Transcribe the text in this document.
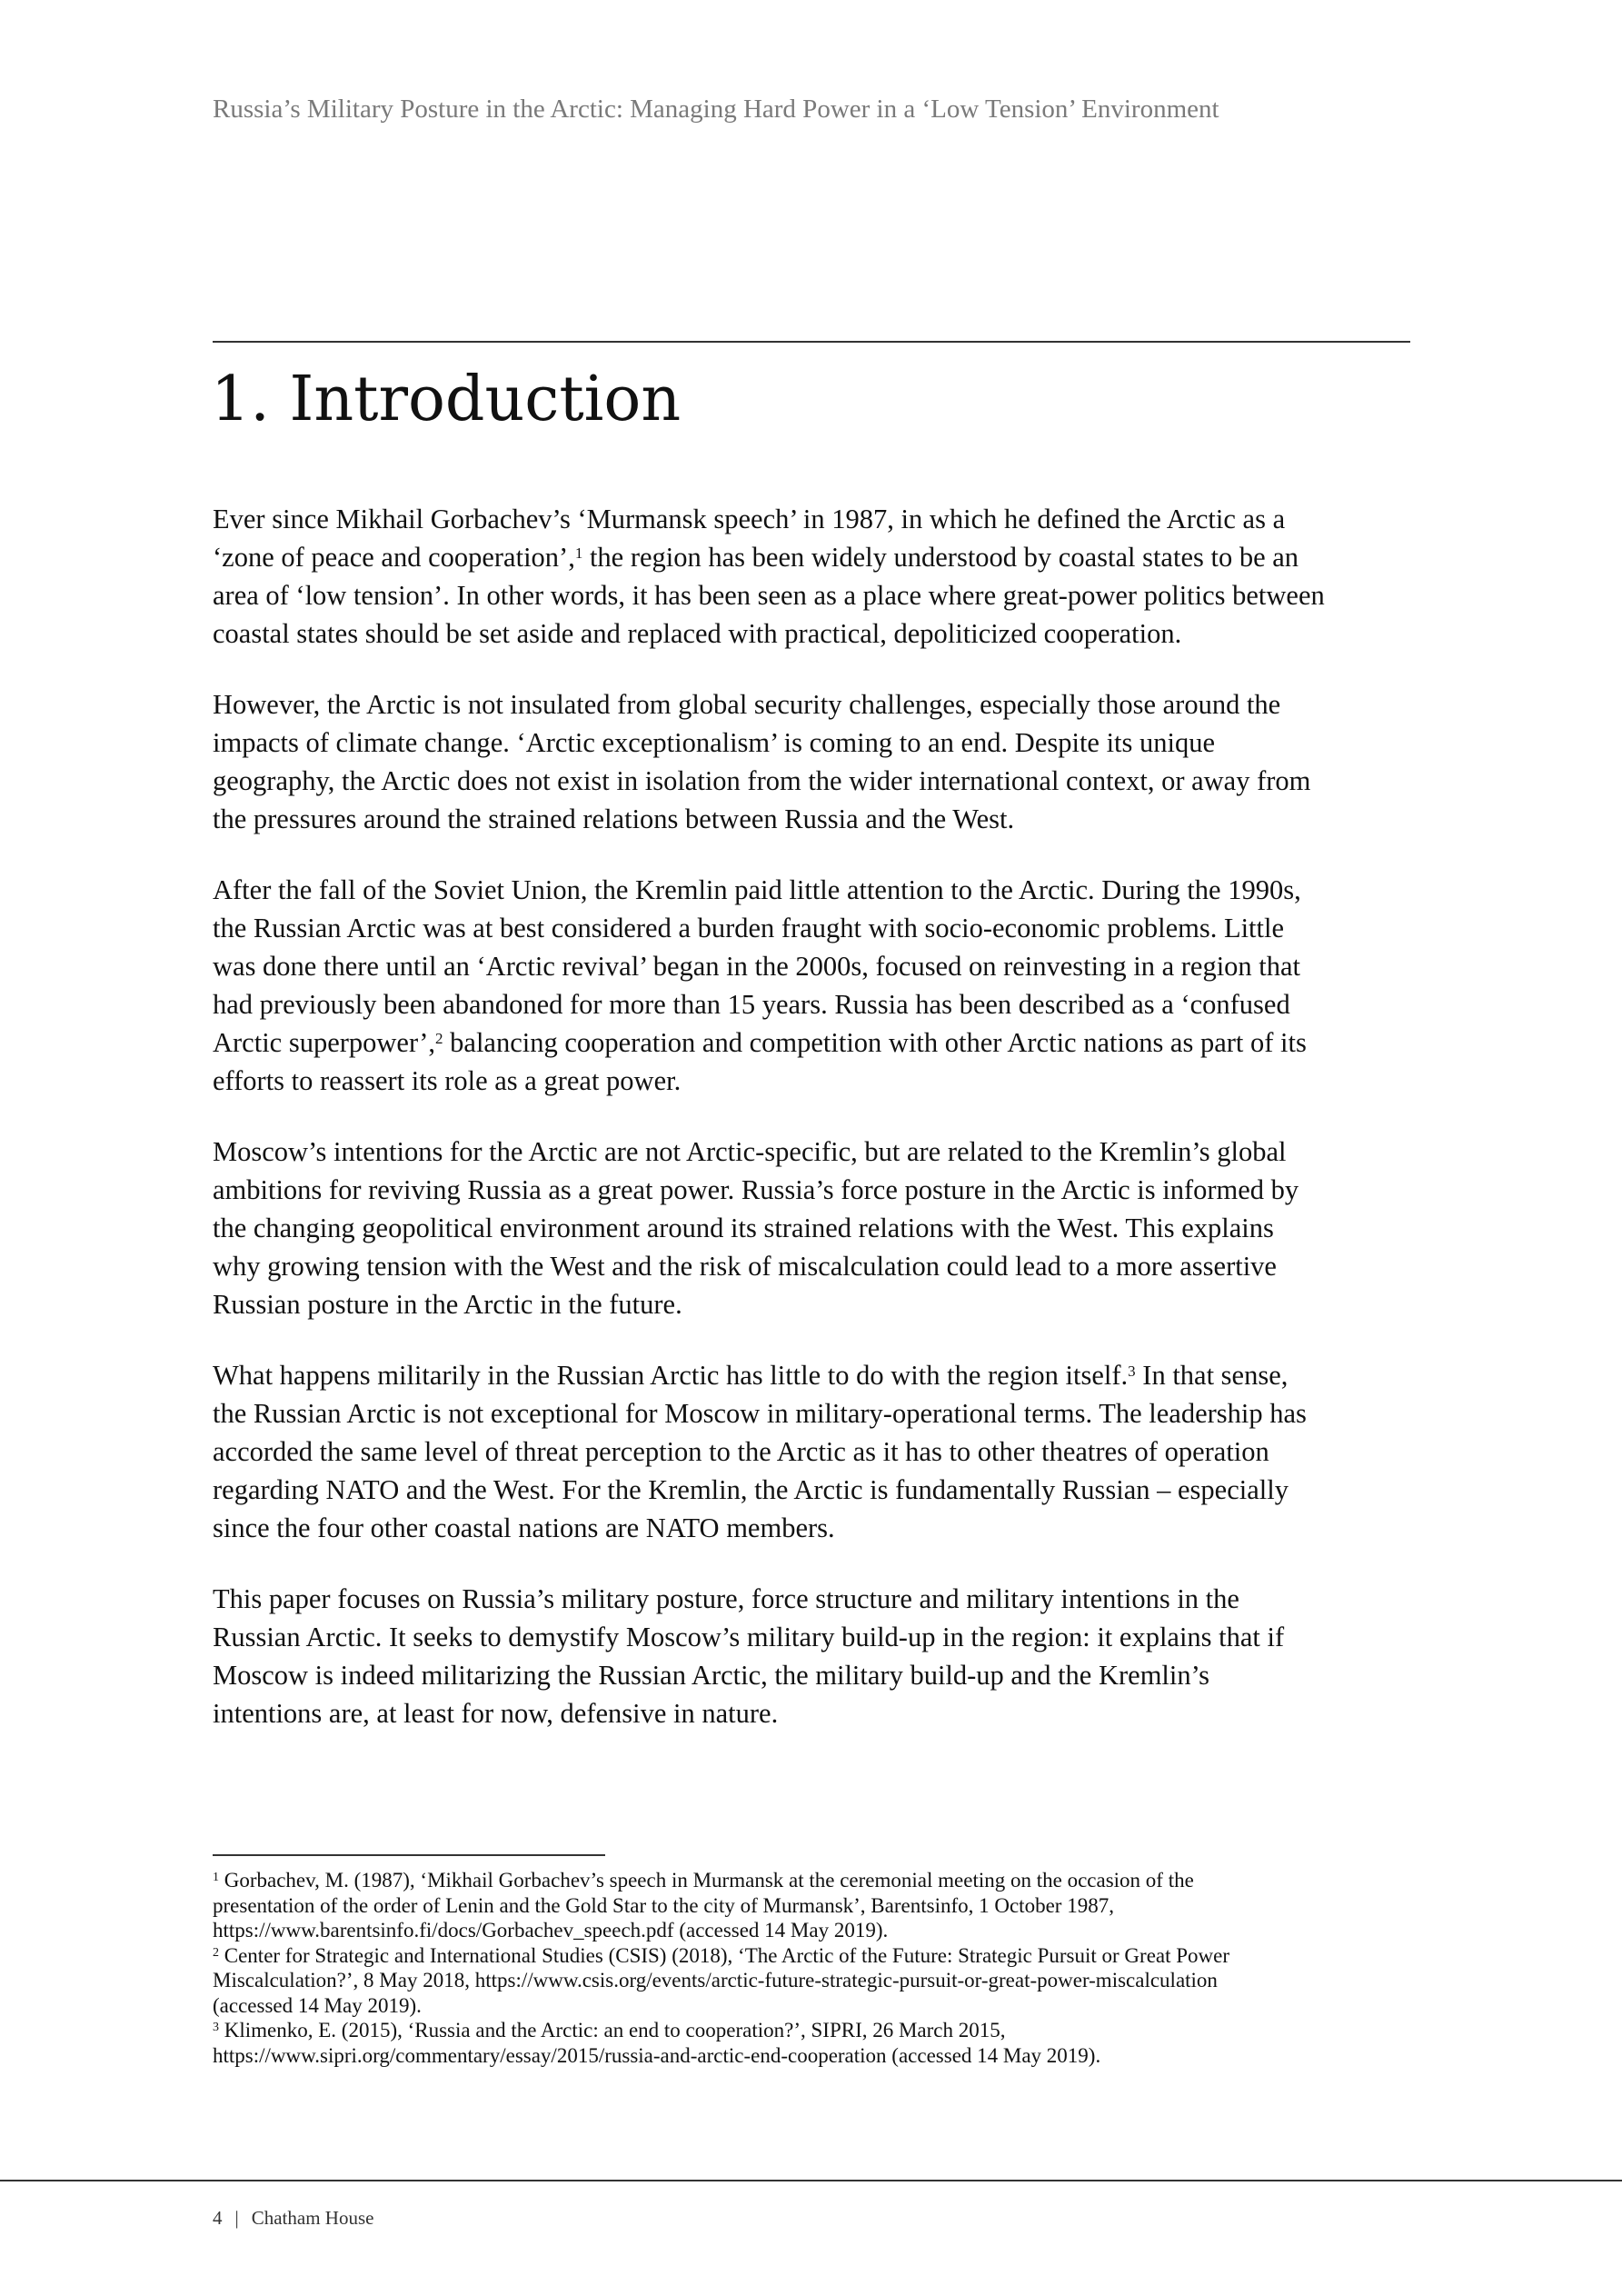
Russia’s Military Posture in the Arctic: Managing Hard Power in a ‘Low Tension’ Environment
1. Introduction

Ever since Mikhail Gorbachev’s ‘Murmansk speech’ in 1987, in which he defined the Arctic as a
‘zone of peace and cooperation’,$^1$ the region has been widely understood by coastal states to be an
area of ‘low tension’. In other words, it has been seen as a place where great-power politics between
coastal states should be set aside and replaced with practical, depoliticized cooperation.

However, the Arctic is not insulated from global security challenges, especially those around the
impacts of climate change. ‘Arctic exceptionalism’ is coming to an end. Despite its unique
geography, the Arctic does not exist in isolation from the wider international context, or away from
the pressures around the strained relations between Russia and the West.

After the fall of the Soviet Union, the Kremlin paid little attention to the Arctic. During the 1990s,
the Russian Arctic was at best considered a burden fraught with socio-economic problems. Little
was done there until an ‘Arctic revival’ began in the 2000s, focused on reinvesting in a region that
had previously been abandoned for more than 15 years. Russia has been described as a ‘confused
Arctic superpower’,$^2$ balancing cooperation and competition with other Arctic nations as part of its
efforts to reassert its role as a great power.

Moscow’s intentions for the Arctic are not Arctic-specific, but are related to the Kremlin’s global
ambitions for reviving Russia as a great power. Russia’s force posture in the Arctic is informed by
the changing geopolitical environment around its strained relations with the West. This explains
why growing tension with the West and the risk of miscalculation could lead to a more assertive
Russian posture in the Arctic in the future.

What happens militarily in the Russian Arctic has little to do with the region itself.$^3$ In that sense,
the Russian Arctic is not exceptional for Moscow in military-operational terms. The leadership has
accorded the same level of threat perception to the Arctic as it has to other theatres of operation
regarding NATO and the West. For the Kremlin, the Arctic is fundamentally Russian – especially
since the four other coastal nations are NATO members.

This paper focuses on Russia’s military posture, force structure and military intentions in the
Russian Arctic. It seeks to demystify Moscow’s military build-up in the region: it explains that if
Moscow is indeed militarizing the Russian Arctic, the military build-up and the Kremlin’s
intentions are, at least for now, defensive in nature.

$^1$ Gorbachev, M. (1987), ‘Mikhail Gorbachev’s speech in Murmansk at the ceremonial meeting on the occasion of the
presentation of the order of Lenin and the Gold Star to the city of Murmansk’, Barentsinfo, 1 October 1987,
https://www.barentsinfo.fi/docs/Gorbachev_speech.pdf (accessed 14 May 2019).
$^2$ Center for Strategic and International Studies (CSIS) (2018), ‘The Arctic of the Future: Strategic Pursuit or Great Power
Miscalculation?’, 8 May 2018, https://www.csis.org/events/arctic-future-strategic-pursuit-or-great-power-miscalculation
(accessed 14 May 2019).
$^3$ Klimenko, E. (2015), ‘Russia and the Arctic: an end to cooperation?’, SIPRI, 26 March 2015,
https://www.sipri.org/commentary/essay/2015/russia-and-arctic-end-cooperation (accessed 14 May 2019).
4 | Chatham House
